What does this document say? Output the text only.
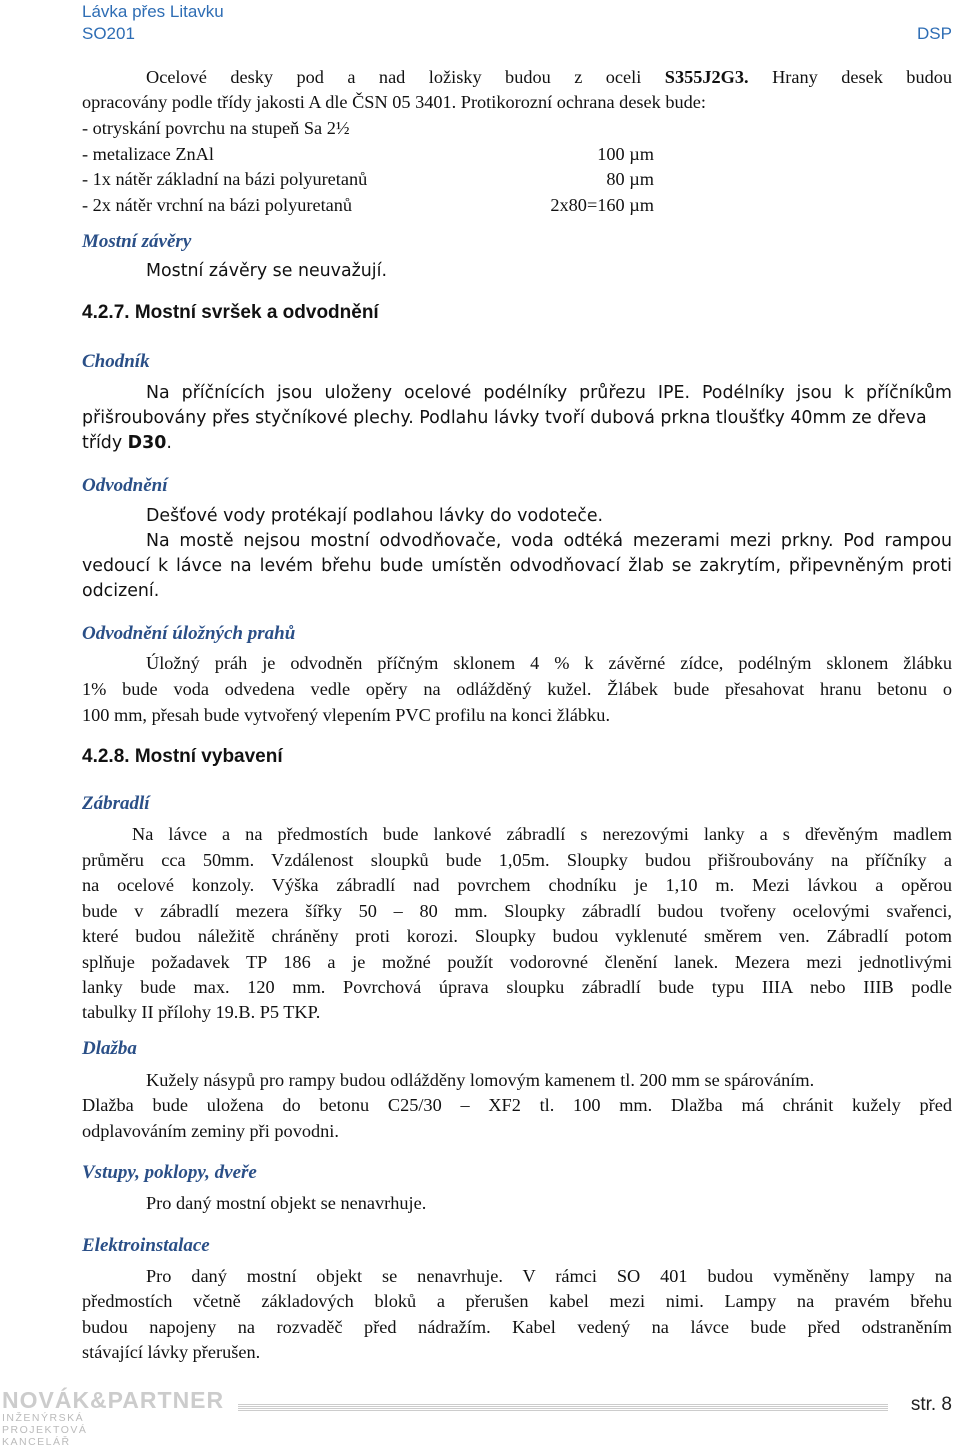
Lávka přes Litavku
SO201	DSP
Ocelové desky pod a nad ložisky budou z oceli S355J2G3. Hrany desek budou
opracovány podle třídy jakosti A dle ČSN 05 3401. Protikorozní ochrana desek bude:
- otryskání povrchu na stupeň Sa 2½
- metalizace ZnAl	100 µm
- 1x nátěr základní na bázi polyuretanů	80 µm
- 2x nátěr vrchní na bázi polyuretanů	2x80=160 µm
Mostní závěry
Mostní závěry se neuvažují.
4.2.7. Mostní svršek a odvodnění
Chodník
Na příčnících jsou uloženy ocelové podélníky průřezu IPE. Podélníky jsou k příčníkům
přišroubovány přes styčníkové plechy. Podlahu lávky tvoří dubová prkna tloušťky 40mm ze dřeva
třídy D30.
Odvodnění
Dešťové vody protékají podlahou lávky do vodoteče.
Na mostě nejsou mostní odvodňovače, voda odtéká mezerami mezi prkny. Pod rampou
vedoucí k lávce na levém břehu bude umístěn odvodňovací žlab se zakrytím, připevněným proti
odcizení.
Odvodnění úložných prahů
Úložný práh je odvodněn příčným sklonem 4 % k závěrné zídce, podélným sklonem žlábku
1% bude voda odvedena vedle opěry na odlážděný kužel. Žlábek bude přesahovat hranu betonu o
100 mm, přesah bude vytvořený vlepením PVC profilu na konci žlábku.
4.2.8. Mostní vybavení
Zábradlí
Na lávce a na předmostích bude lankové zábradlí s nerezovými lanky a s dřevěným madlem
průměru cca 50mm. Vzdálenost sloupků bude 1,05m. Sloupky budou přišroubovány na příčníky a
na ocelové konzoly. Výška zábradlí nad povrchem chodníku je 1,10 m. Mezi lávkou a opěrou
bude v zábradlí mezera šířky 50 – 80 mm. Sloupky zábradlí budou tvořeny ocelovými svařenci,
které budou náležitě chráněny proti korozi. Sloupky budou vyklenuté směrem ven. Zábradlí potom
splňuje požadavek TP 186 a je možné použít vodorovné členění lanek. Mezera mezi jednotlivými
lanky bude max. 120 mm. Povrchová úprava sloupku zábradlí bude typu IIIA nebo IIIB podle
tabulky II přílohy 19.B. P5 TKP.
Dlažba
Kužely násypů pro rampy budou odlážděny lomovým kamenem tl. 200 mm se spárováním.
Dlažba bude uložena do betonu C25/30 – XF2 tl. 100 mm. Dlažba má chránit kužely před
odplavováním zeminy při povodni.
Vstupy, poklopy, dveře
Pro daný mostní objekt se nenavrhuje.
Elektroinstalace
Pro daný mostní objekt se nenavrhuje. V rámci SO 401 budou vyměněny lampy na
předmostích včetně základových bloků a přerušen kabel mezi nimi. Lampy na pravém břehu
budou napojeny na rozvaděč před nádražím. Kabel vedený na lávce bude před odstraněním
stávající lávky přerušen.
NOVÁK&PARTNER
INŽENÝRSKÁ
PROJEKTOVÁ
KANCELÁŘ
str. 8
